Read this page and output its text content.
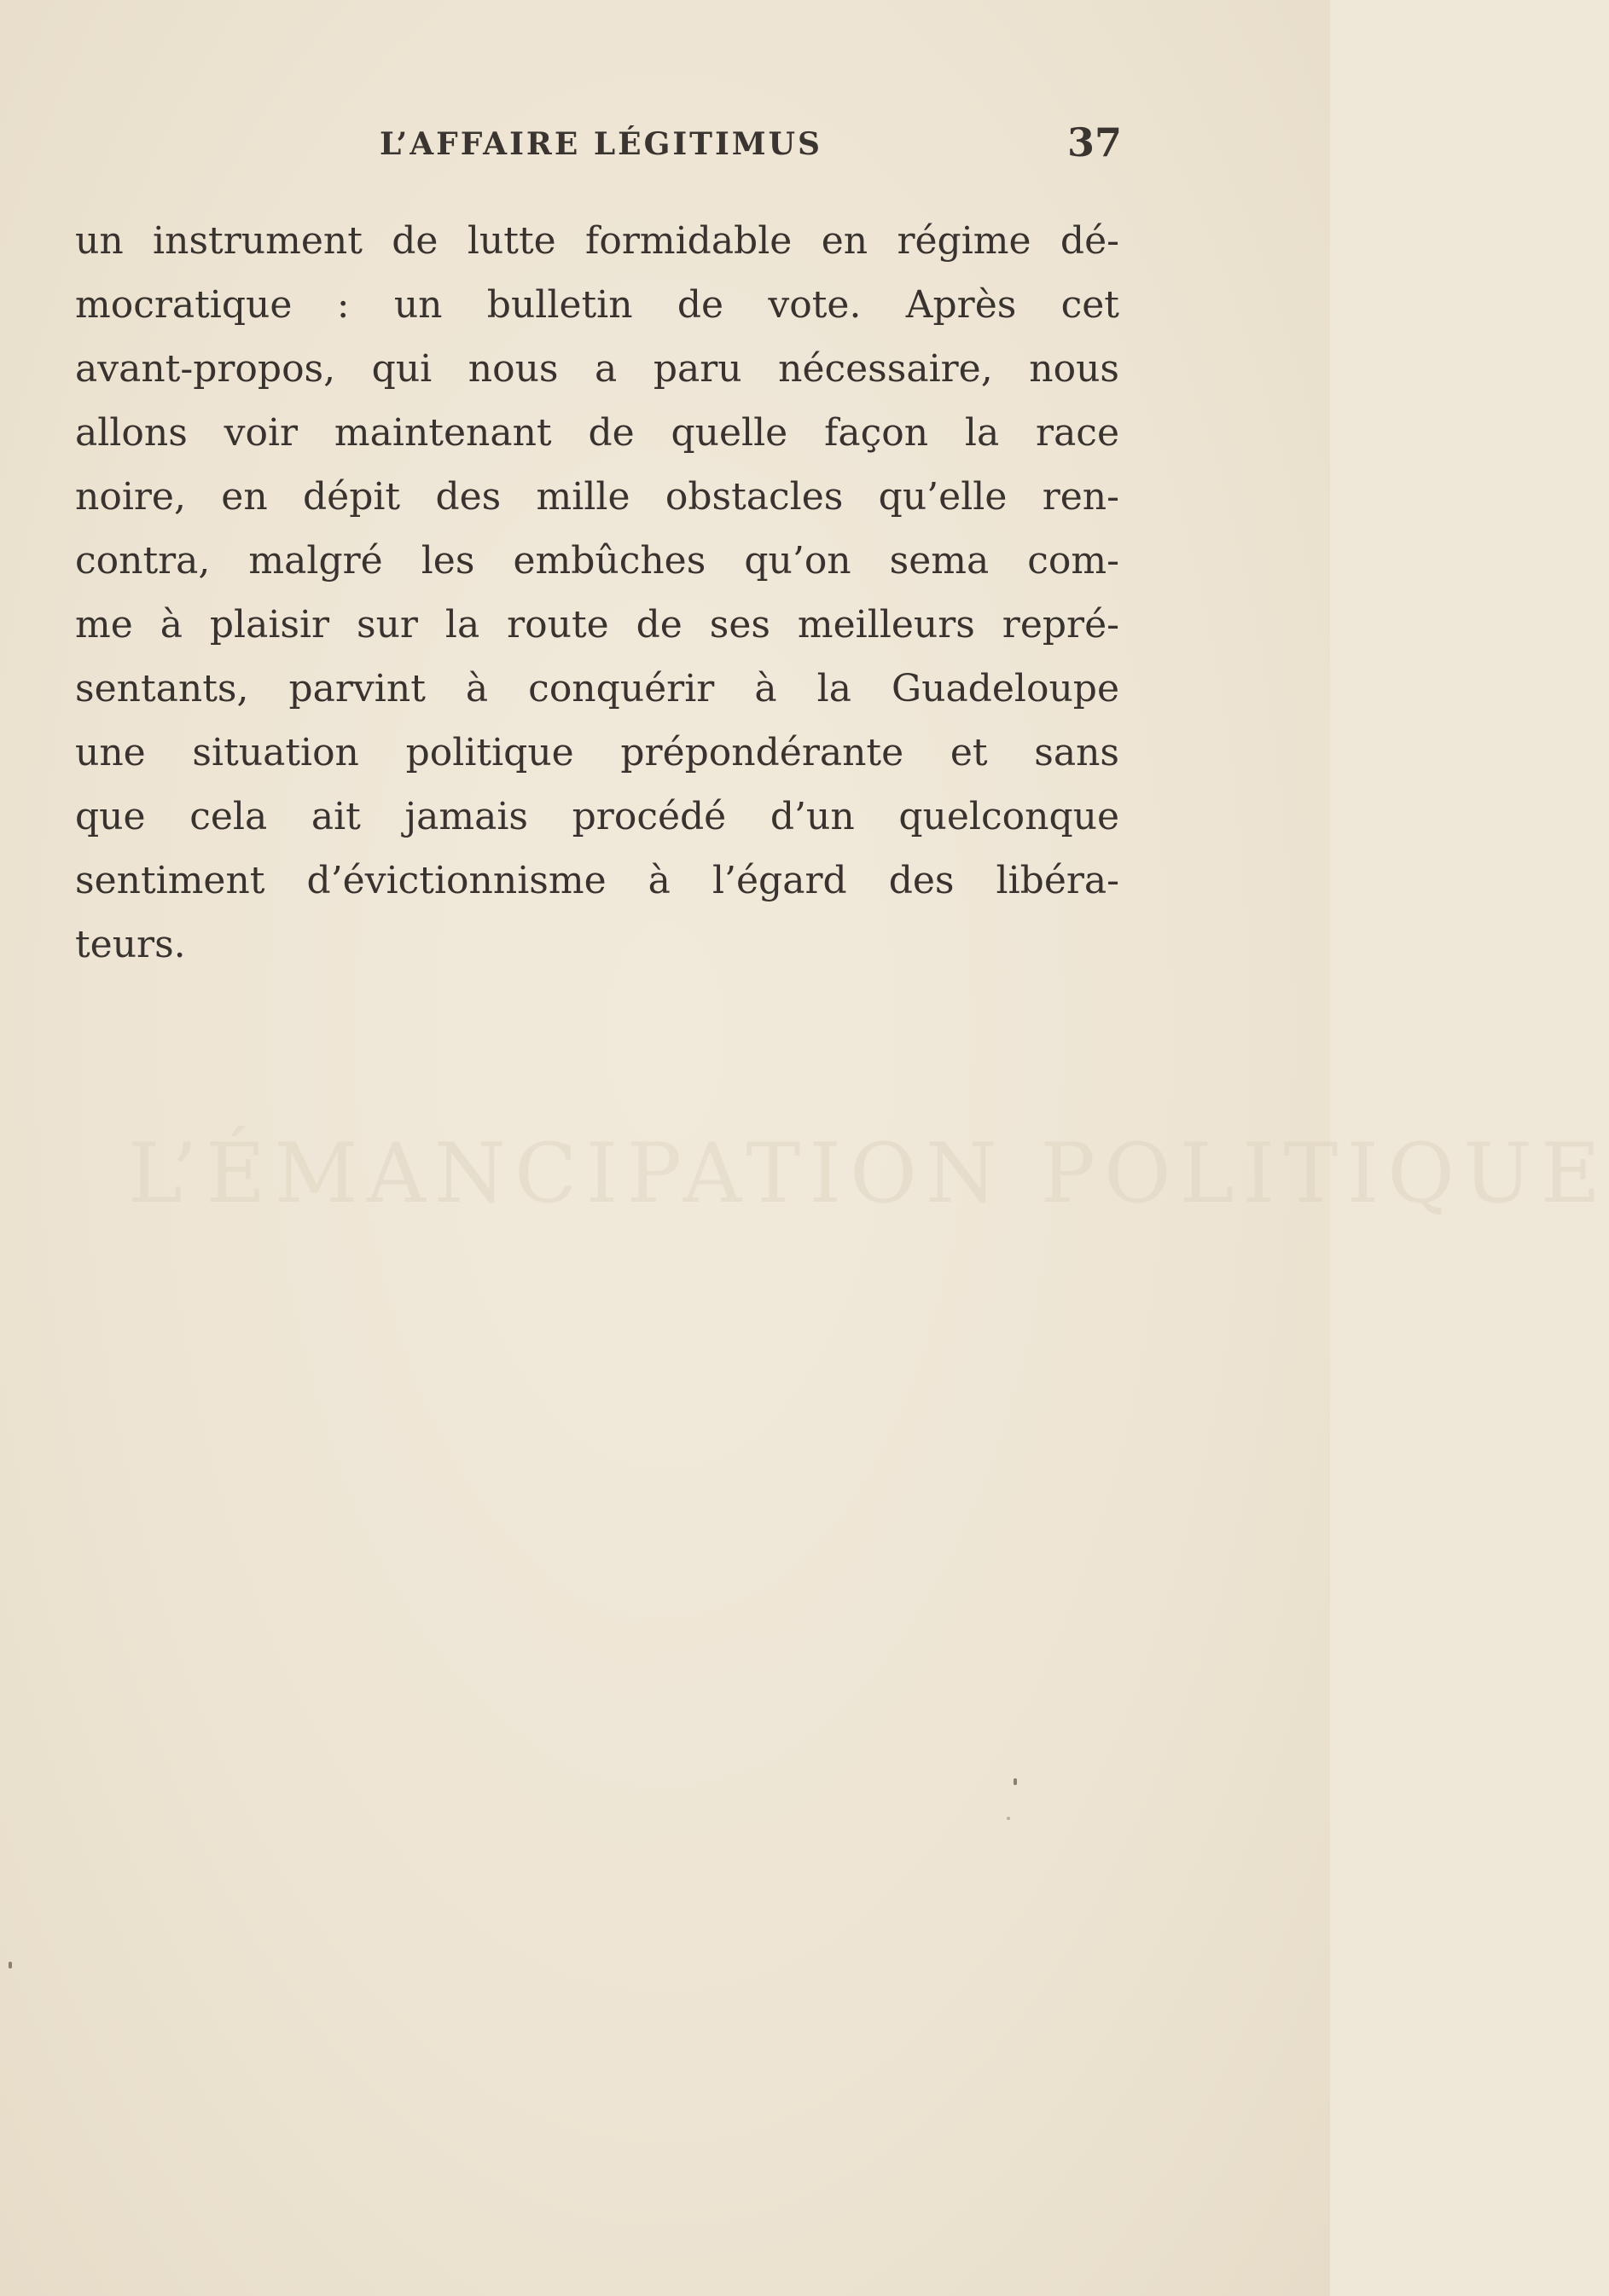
L’AFFAIRE LÉGITIMUS	37
un instrument de lutte formidable en régime dé-
mocratique : un bulletin de vote. Après cet
avant-propos, qui nous a paru nécessaire, nous
allons voir maintenant de quelle façon la race
noire, en dépit des mille obstacles qu’elle ren-
contra, malgré les embûches qu’on sema com-
me à plaisir sur la route de ses meilleurs repré-
sentants, parvint à conquérir à la Guadeloupe
une situation politique prépondérante et sans
que cela ait jamais procédé d’un quelconque
sentiment d’évictionnisme à l’égard des libéra-
teurs.
L’ÉMANCIPATION POLITIQUE
